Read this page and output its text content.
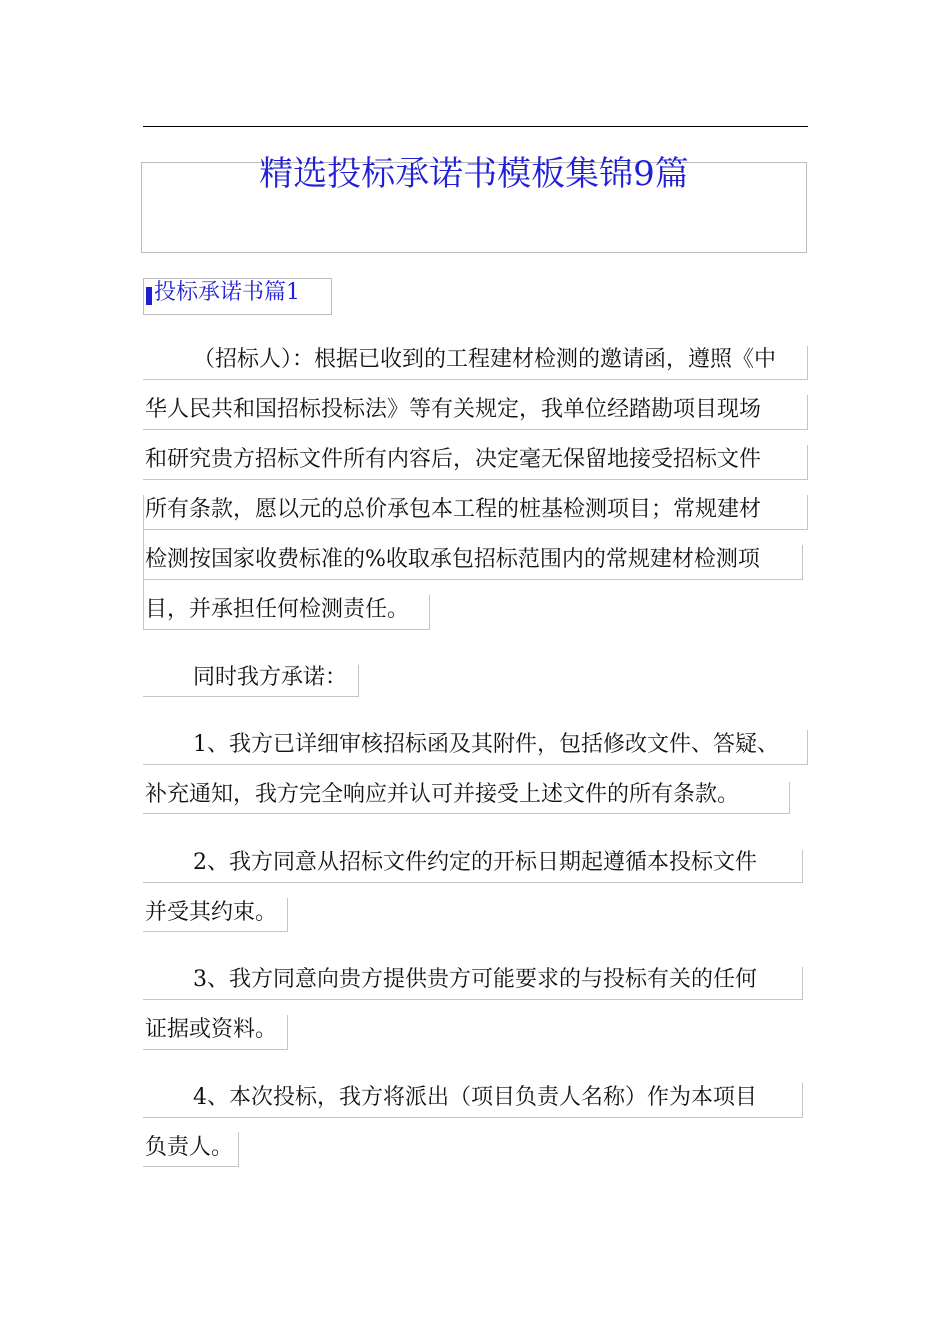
精选投标承诺书模板集锦9篇
投标承诺书篇1
（招标人）：根据已收到的工程建材检测的邀请函，遵照《中
华人民共和国招标投标法》等有关规定，我单位经踏勘项目现场
和研究贵方招标文件所有内容后，决定毫无保留地接受招标文件
所有条款，愿以元的总价承包本工程的桩基检测项目；常规建材
检测按国家收费标准的%收取承包招标范围内的常规建材检测项
目，并承担任何检测责任。
同时我方承诺：
1、我方已详细审核招标函及其附件，包括修改文件、答疑、
补充通知，我方完全响应并认可并接受上述文件的所有条款。
2、我方同意从招标文件约定的开标日期起遵循本投标文件
并受其约束。
3、我方同意向贵方提供贵方可能要求的与投标有关的任何
证据或资料。
4、本次投标，我方将派出（项目负责人名称）作为本项目
负责人。
